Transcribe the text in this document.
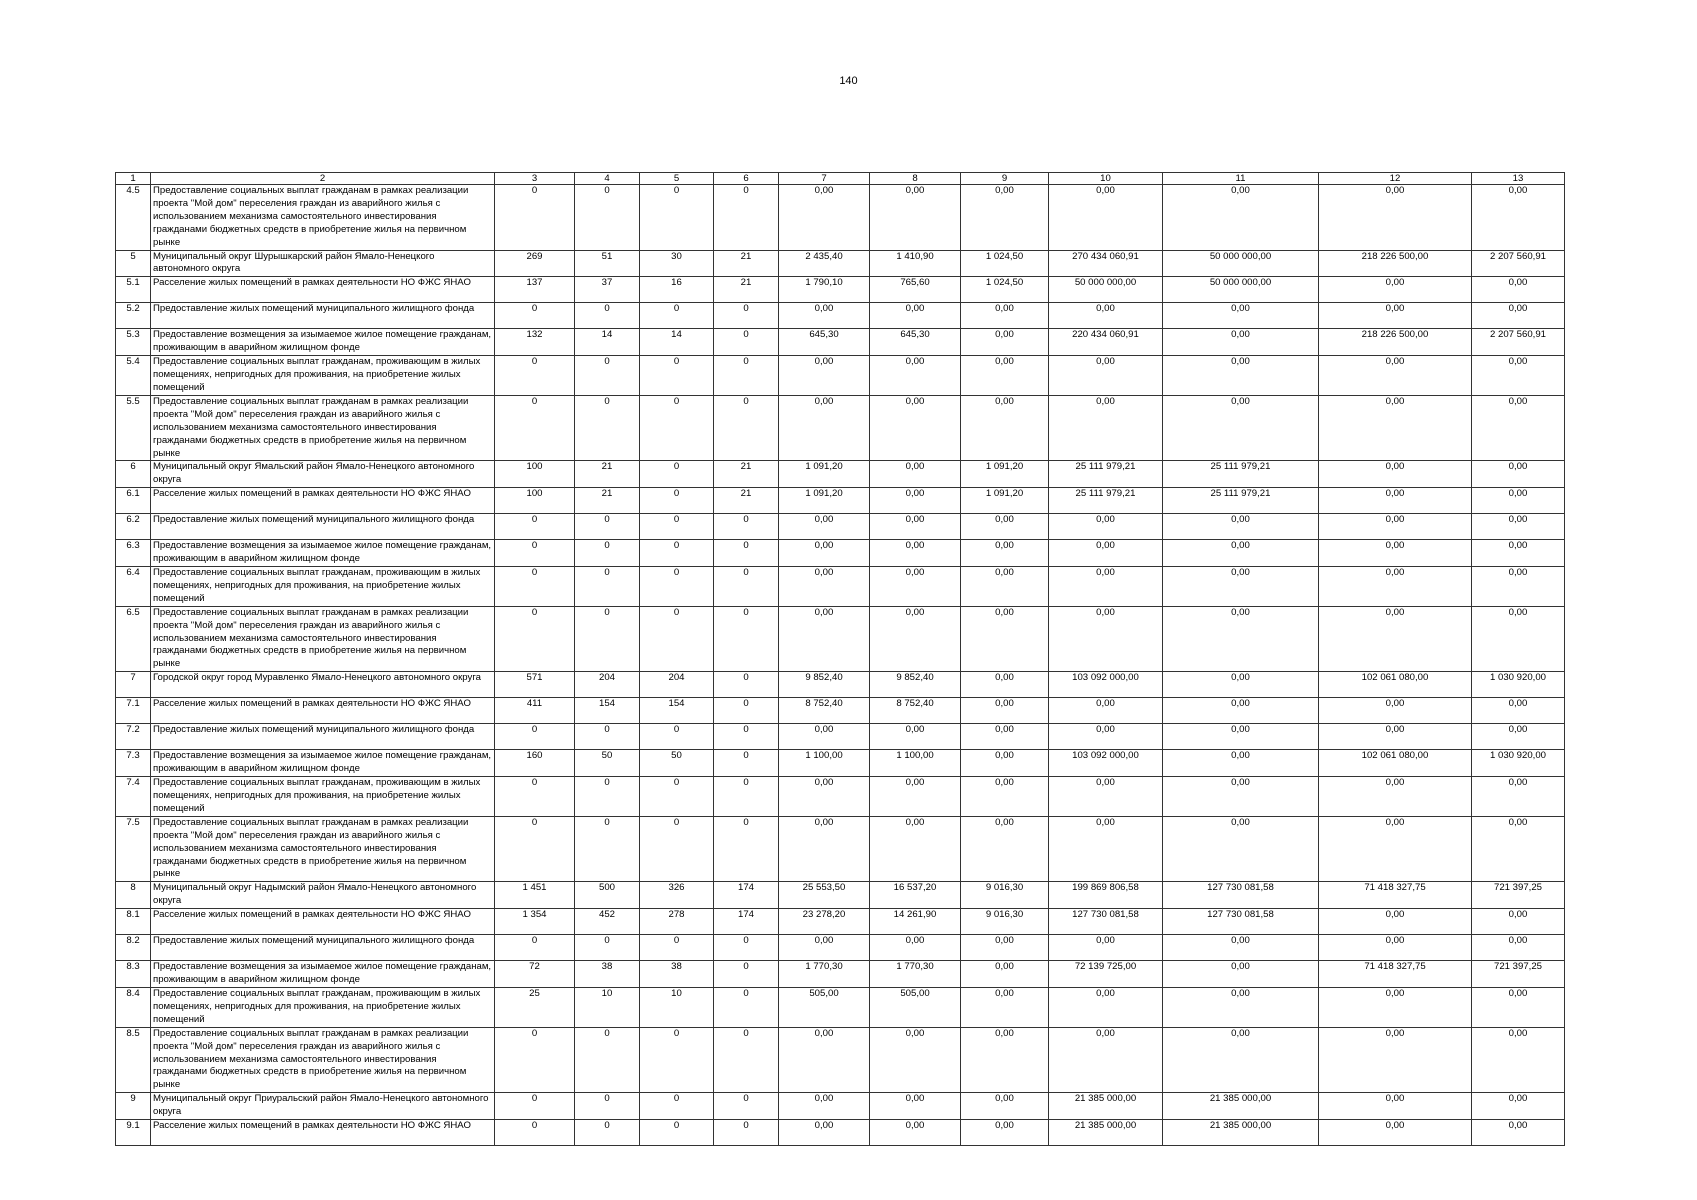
140
1	2	3	4	5	6	7	8	9	10	11	12	13
4.5	Предоставление социальных выплат гражданам в рамках реализации проекта "Мой дом" переселения граждан из аварийного жилья с использованием механизма самостоятельного инвестирования гражданами бюджетных средств в приобретение жилья на первичном рынке	0	0	0	0	0,00	0,00	0,00	0,00	0,00	0,00	0,00
5	Муниципальный округ Шурышкарский район Ямало-Ненецкого автономного округа	269	51	30	21	2 435,40	1 410,90	1 024,50	270 434 060,91	50 000 000,00	218 226 500,00	2 207 560,91
5.1	Расселение жилых помещений в рамках деятельности НО ФЖС ЯНАО	137	37	16	21	1 790,10	765,60	1 024,50	50 000 000,00	50 000 000,00	0,00	0,00
5.2	Предоставление жилых помещений муниципального жилищного фонда	0	0	0	0	0,00	0,00	0,00	0,00	0,00	0,00	0,00
5.3	Предоставление возмещения за изымаемое жилое помещение гражданам, проживающим в аварийном жилищном фонде	132	14	14	0	645,30	645,30	0,00	220 434 060,91	0,00	218 226 500,00	2 207 560,91
5.4	Предоставление социальных выплат гражданам, проживающим в жилых помещениях, непригодных для проживания, на приобретение жилых помещений	0	0	0	0	0,00	0,00	0,00	0,00	0,00	0,00	0,00
5.5	Предоставление социальных выплат гражданам в рамках реализации проекта "Мой дом" переселения граждан из аварийного жилья с использованием механизма самостоятельного инвестирования гражданами бюджетных средств в приобретение жилья на первичном рынке	0	0	0	0	0,00	0,00	0,00	0,00	0,00	0,00	0,00
6	Муниципальный округ Ямальский район Ямало-Ненецкого автономного округа	100	21	0	21	1 091,20	0,00	1 091,20	25 111 979,21	25 111 979,21	0,00	0,00
6.1	Расселение жилых помещений в рамках деятельности НО ФЖС ЯНАО	100	21	0	21	1 091,20	0,00	1 091,20	25 111 979,21	25 111 979,21	0,00	0,00
6.2	Предоставление жилых помещений муниципального жилищного фонда	0	0	0	0	0,00	0,00	0,00	0,00	0,00	0,00	0,00
6.3	Предоставление возмещения за изымаемое жилое помещение гражданам, проживающим в аварийном жилищном фонде	0	0	0	0	0,00	0,00	0,00	0,00	0,00	0,00	0,00
6.4	Предоставление социальных выплат гражданам, проживающим в жилых помещениях, непригодных для проживания, на приобретение жилых помещений	0	0	0	0	0,00	0,00	0,00	0,00	0,00	0,00	0,00
6.5	Предоставление социальных выплат гражданам в рамках реализации проекта "Мой дом" переселения граждан из аварийного жилья с использованием механизма самостоятельного инвестирования гражданами бюджетных средств в приобретение жилья на первичном рынке	0	0	0	0	0,00	0,00	0,00	0,00	0,00	0,00	0,00
7	Городской округ город Муравленко Ямало-Ненецкого автономного округа	571	204	204	0	9 852,40	9 852,40	0,00	103 092 000,00	0,00	102 061 080,00	1 030 920,00
7.1	Расселение жилых помещений в рамках деятельности НО ФЖС ЯНАО	411	154	154	0	8 752,40	8 752,40	0,00	0,00	0,00	0,00	0,00
7.2	Предоставление жилых помещений муниципального жилищного фонда	0	0	0	0	0,00	0,00	0,00	0,00	0,00	0,00	0,00
7.3	Предоставление возмещения за изымаемое жилое помещение гражданам, проживающим в аварийном жилищном фонде	160	50	50	0	1 100,00	1 100,00	0,00	103 092 000,00	0,00	102 061 080,00	1 030 920,00
7.4	Предоставление социальных выплат гражданам, проживающим в жилых помещениях, непригодных для проживания, на приобретение жилых помещений	0	0	0	0	0,00	0,00	0,00	0,00	0,00	0,00	0,00
7.5	Предоставление социальных выплат гражданам в рамках реализации проекта "Мой дом" переселения граждан из аварийного жилья с использованием механизма самостоятельного инвестирования гражданами бюджетных средств в приобретение жилья на первичном рынке	0	0	0	0	0,00	0,00	0,00	0,00	0,00	0,00	0,00
8	Муниципальный округ Надымский район Ямало-Ненецкого автономного округа	1 451	500	326	174	25 553,50	16 537,20	9 016,30	199 869 806,58	127 730 081,58	71 418 327,75	721 397,25
8.1	Расселение жилых помещений в рамках деятельности НО ФЖС ЯНАО	1 354	452	278	174	23 278,20	14 261,90	9 016,30	127 730 081,58	127 730 081,58	0,00	0,00
8.2	Предоставление жилых помещений муниципального жилищного фонда	0	0	0	0	0,00	0,00	0,00	0,00	0,00	0,00	0,00
8.3	Предоставление возмещения за изымаемое жилое помещение гражданам, проживающим в аварийном жилищном фонде	72	38	38	0	1 770,30	1 770,30	0,00	72 139 725,00	0,00	71 418 327,75	721 397,25
8.4	Предоставление социальных выплат гражданам, проживающим в жилых помещениях, непригодных для проживания, на приобретение жилых помещений	25	10	10	0	505,00	505,00	0,00	0,00	0,00	0,00	0,00
8.5	Предоставление социальных выплат гражданам в рамках реализации проекта "Мой дом" переселения граждан из аварийного жилья с использованием механизма самостоятельного инвестирования гражданами бюджетных средств в приобретение жилья на первичном рынке	0	0	0	0	0,00	0,00	0,00	0,00	0,00	0,00	0,00
9	Муниципальный округ Приуральский район Ямало-Ненецкого автономного округа	0	0	0	0	0,00	0,00	0,00	21 385 000,00	21 385 000,00	0,00	0,00
9.1	Расселение жилых помещений в рамках деятельности НО ФЖС ЯНАО	0	0	0	0	0,00	0,00	0,00	21 385 000,00	21 385 000,00	0,00	0,00
